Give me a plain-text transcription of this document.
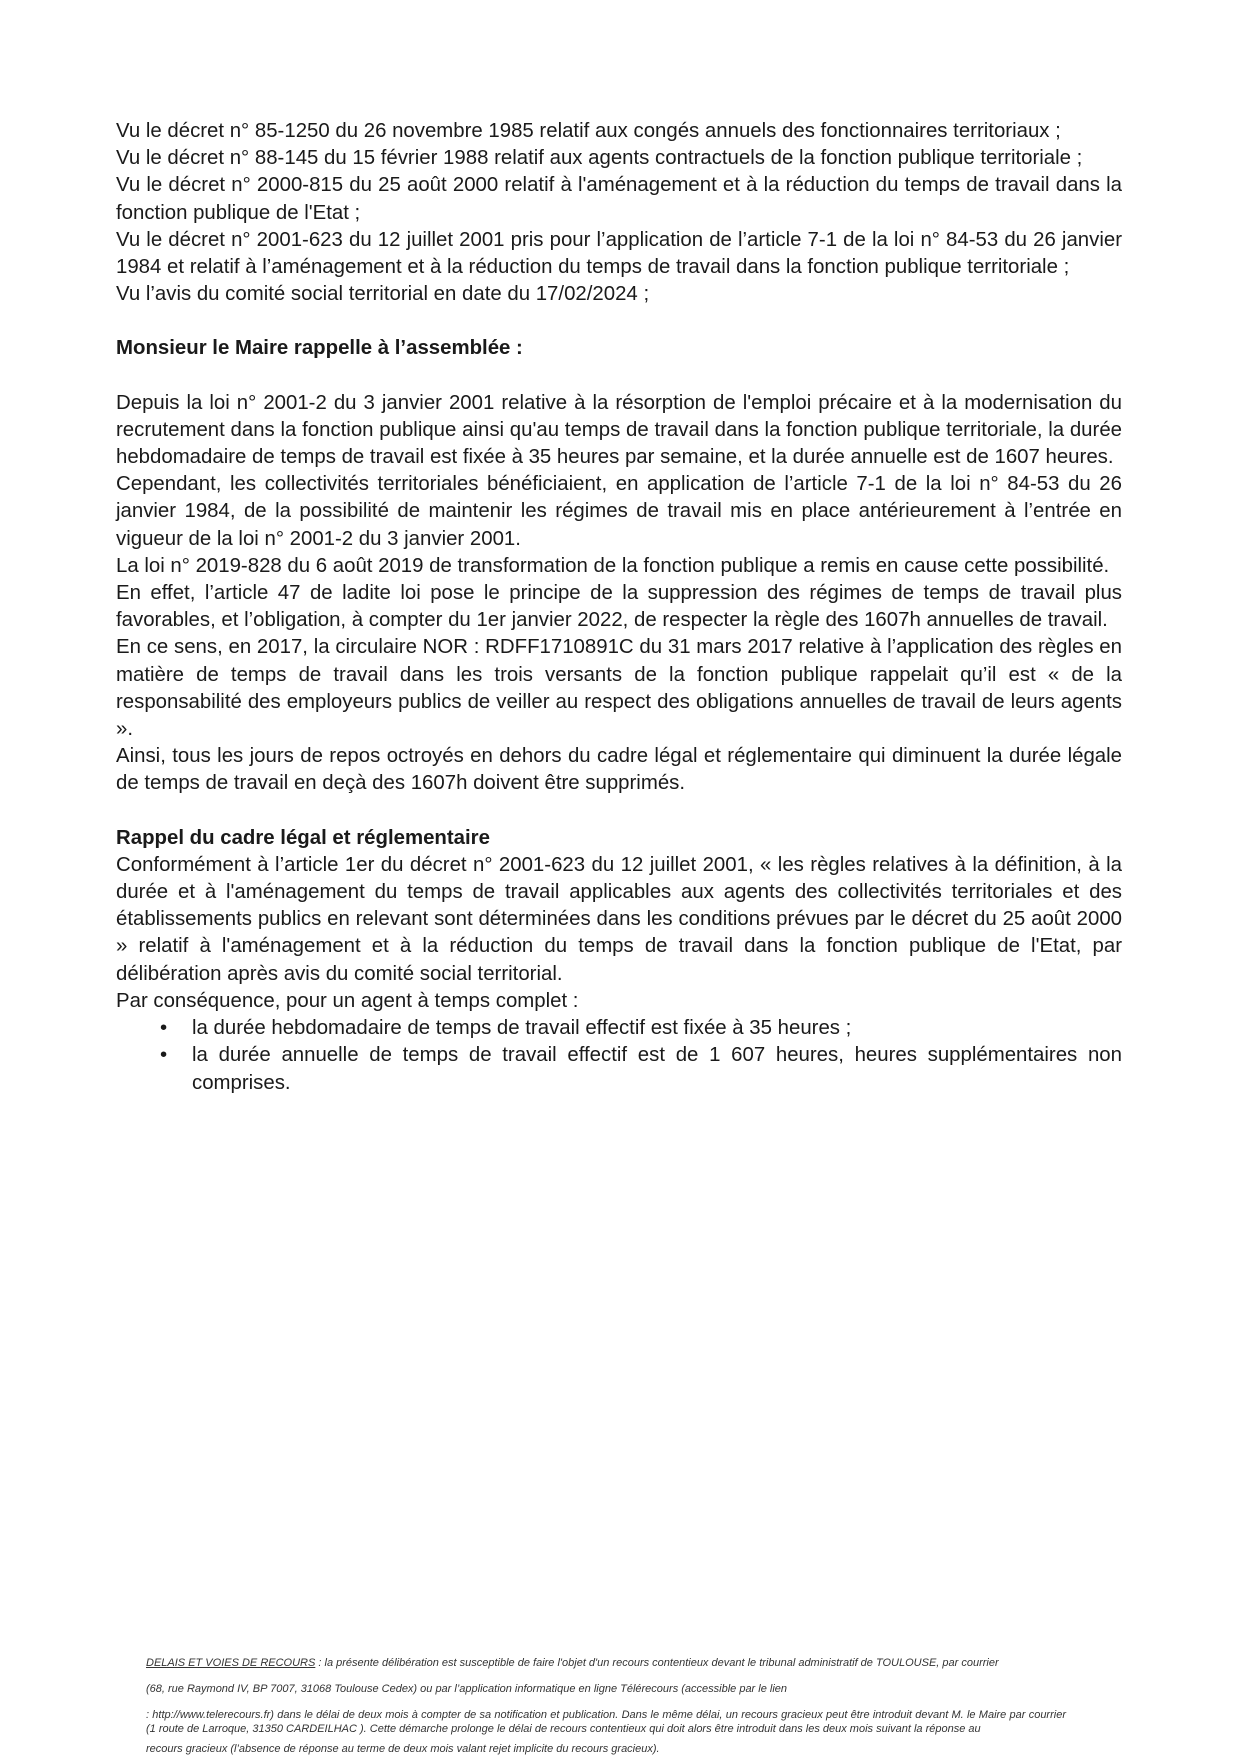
Vu le décret n° 85-1250 du 26 novembre 1985 relatif aux congés annuels des fonctionnaires territoriaux ;

Vu le décret n° 88-145 du 15 février 1988 relatif aux agents contractuels de la fonction publique territoriale ;

Vu le décret n° 2000-815 du 25 août 2000 relatif à l'aménagement et à la réduction du temps de travail dans la fonction publique de l'Etat ;

Vu le décret n° 2001-623 du 12 juillet 2001 pris pour l’application de l’article 7-1 de la loi n° 84-53 du 26 janvier 1984 et relatif à l’aménagement et à la réduction du temps de travail dans la fonction publique territoriale ;

Vu l’avis du comité social territorial en date du 17/02/2024 ;

Monsieur le Maire rappelle à l’assemblée :

Depuis la loi n° 2001-2 du 3 janvier 2001 relative à la résorption de l'emploi précaire et à la modernisation du recrutement dans la fonction publique ainsi qu'au temps de travail dans la fonction publique territoriale, la durée hebdomadaire de temps de travail est fixée à 35 heures par semaine, et la durée annuelle est de 1607 heures.

Cependant, les collectivités territoriales bénéficiaient, en application de l’article 7-1 de la loi n° 84-53 du 26 janvier 1984, de la possibilité de maintenir les régimes de travail mis en place antérieurement à l’entrée en vigueur de la loi n° 2001-2 du 3 janvier 2001.

La loi n° 2019-828 du 6 août 2019 de transformation de la fonction publique a remis en cause cette possibilité.

En effet, l’article 47 de ladite loi pose le principe de la suppression des régimes de temps de travail plus favorables, et l’obligation, à compter du 1er janvier 2022, de respecter la règle des 1607h annuelles de travail.

En ce sens, en 2017, la circulaire NOR : RDFF1710891C du 31 mars 2017 relative à l’application des règles en matière de temps de travail dans les trois versants de la fonction publique rappelait qu’il est « de la responsabilité des employeurs publics de veiller au respect des obligations annuelles de travail de leurs agents ».

Ainsi, tous les jours de repos octroyés en dehors du cadre légal et réglementaire qui diminuent la durée légale de temps de travail en deçà des 1607h doivent être supprimés.

Rappel du cadre légal et réglementaire

Conformément à l’article 1er du décret n° 2001-623 du 12 juillet 2001, « les règles relatives à la définition, à la durée et à l'aménagement du temps de travail applicables aux agents des collectivités territoriales et des établissements publics en relevant sont déterminées dans les conditions prévues par le décret du 25 août 2000 » relatif à l'aménagement et à la réduction du temps de travail dans la fonction publique de l'Etat, par délibération après avis du comité social territorial.

Par conséquence, pour un agent à temps complet :

• la durée hebdomadaire de temps de travail effectif est fixée à 35 heures ;
• la durée annuelle de temps de travail effectif est de 1 607 heures, heures supplémentaires non comprises.

DELAIS ET VOIES DE RECOURS : la présente délibération est susceptible de faire l'objet d'un recours contentieux devant le tribunal administratif de TOULOUSE, par courrier

(68, rue Raymond IV, BP 7007, 31068 Toulouse Cedex) ou par l’application informatique en ligne Télérecours (accessible par le lien

: http://www.telerecours.fr) dans le délai de deux mois à compter de sa notification et publication. Dans le même délai, un recours gracieux peut être introduit devant M. le Maire par courrier (1 route de Larroque, 31350 CARDEILHAC ). Cette démarche prolonge le délai de recours contentieux qui doit alors être introduit dans les deux mois suivant la réponse au

recours gracieux (l’absence de réponse au terme de deux mois valant rejet implicite du recours gracieux).
